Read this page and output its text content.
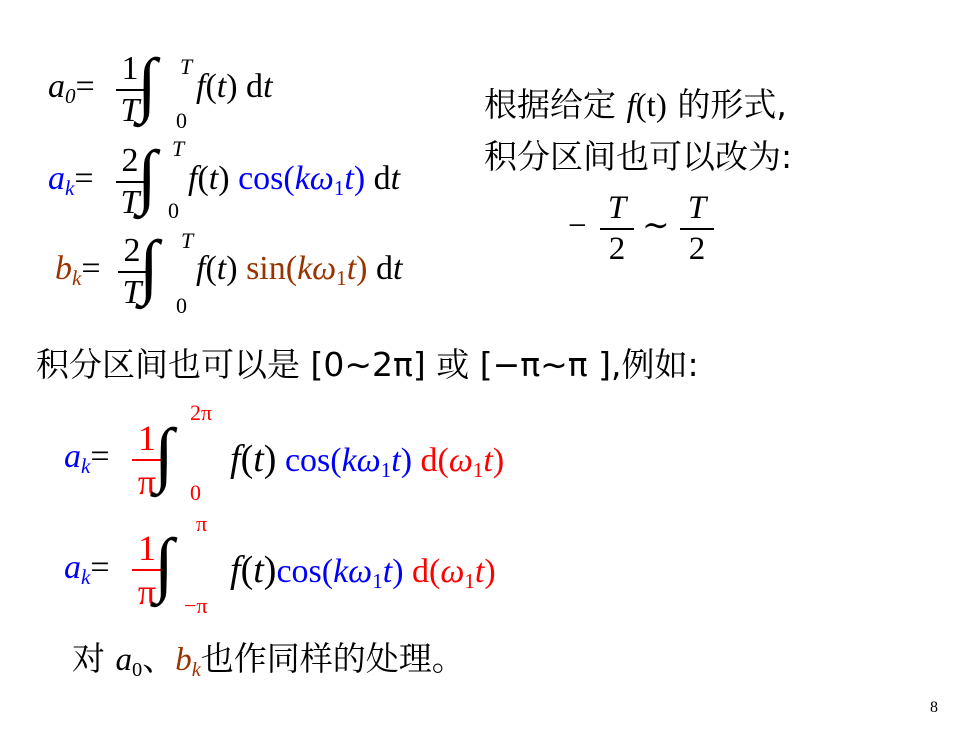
a0= 1
T
∫ T
0
f(t) dt
ak= 2
T
∫ T
0
f(t) cos(kω1t) dt
bk= 2
T
∫ T
0
f(t) sin(kω1t) dt
根据给定 f(t) 的形式,
积分区间也可以改为:
− T
2
∼ T
2
积分区间也可以是 [0∼2π] 或 [−π∼π ],例如:
ak= 1
π
∫
2π
0
f(t) cos(kω1t) d(ω1t)
ak= 1
π
∫
π
−π
f(t)cos(kω1t) d(ω1t)
对 a0、bk也作同样的处理。
8
